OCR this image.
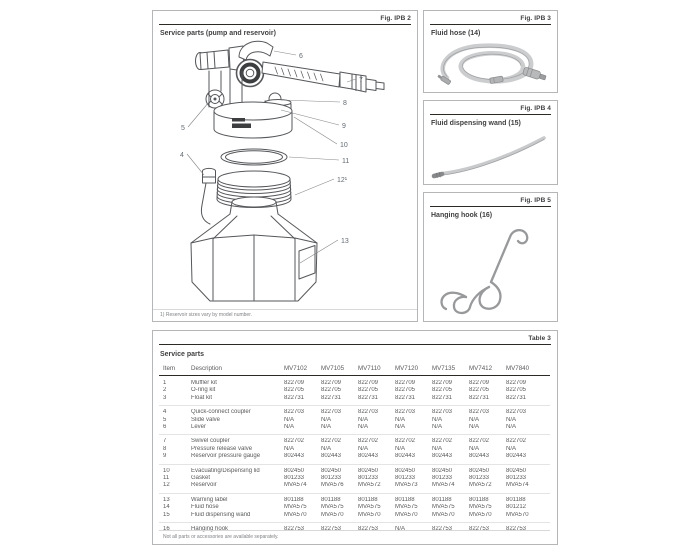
Fig. IPB 2
Service parts (pump and reservoir)
4
5
6
7
8
9
10
11
12¹
13
1) Reservoir sizes vary by model number.
Fig. IPB 3
Fluid hose (14)
Fig. IPB 4
Fluid dispensing wand (15)
Fig. IPB 5
Hanging hook (16)
Table 3
Service parts
Item	Description	MV7102	MV7105	MV7110	MV7120	MV7135	MV7412	MV7840
1	Muffler kit	822709	822709	822709	822709	822709	822709	822709
2	O-ring kit	822705	822705	822705	822705	822705	822705	822705
3	Float kit	822731	822731	822731	822731	822731	822731	822731
4	Quick-connect coupler	822703	822703	822703	822703	822703	822703	822703
5	Slide valve	N/A	N/A	N/A	N/A	N/A	N/A	N/A
6	Lever	N/A	N/A	N/A	N/A	N/A	N/A	N/A
7	Swivel coupler	822702	822702	822702	822702	822702	822702	822702
8	Pressure release valve	N/A	N/A	N/A	N/A	N/A	N/A	N/A
9	Reservoir pressure gauge	802443	802443	802443	802443	802443	802443	802443
10	Evacuating/Dispensing lid	802450	802450	802450	802450	802450	802450	802450
11	Gasket	801233	801233	801233	801233	801233	801233	801233
12	Reservoir	MVA574	MVA576	MVA572	MVA573	MVA574	MVA572	MVA574
13	Warning label	801188	801188	801188	801188	801188	801188	801188
14	Fluid hose	MVA575	MVA575	MVA575	MVA575	MVA575	MVA575	801212
15	Fluid dispensing wand	MVA570	MVA570	MVA570	MVA570	MVA570	MVA570	MVA570
16	Hanging hook	822753	822753	822753	N/A	822753	822753	822753
Not all parts or accessories are available separately.
